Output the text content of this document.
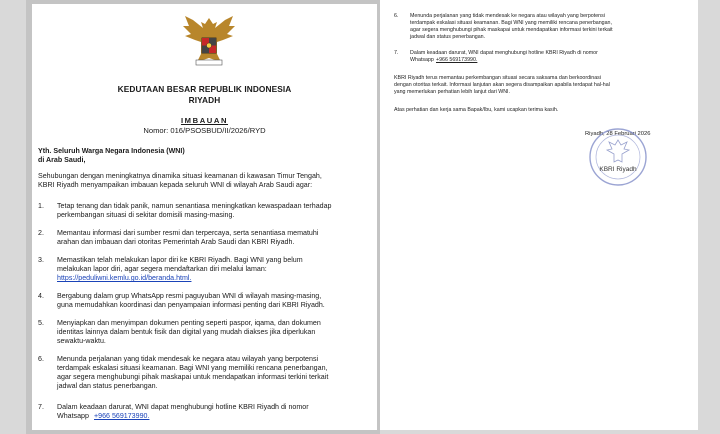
KEDUTAAN BESAR REPUBLIK INDONESIA
RIYADH
IMBAUAN
Nomor: 016/PSOSBUD/II/2026/RYD
Yth. Seluruh Warga Negara Indonesia (WNI)
di Arab Saudi,
Sehubungan dengan meningkatnya dinamika situasi keamanan di kawasan Timur Tengah,
KBRI Riyadh menyampaikan imbauan kepada seluruh WNI di wilayah Arab Saudi agar:
1. Tetap tenang dan tidak panik, namun senantiasa meningkatkan kewaspadaan terhadap
perkembangan situasi di sekitar domisili masing-masing.
2. Memantau informasi dari sumber resmi dan terpercaya, serta senantiasa mematuhi
arahan dan imbauan dari otoritas Pemerintah Arab Saudi dan KBRI Riyadh.
3. Memastikan telah melakukan lapor diri ke KBRI Riyadh. Bagi WNI yang belum
melakukan lapor diri, agar segera mendaftarkan diri melalui laman:
https://peduliwni.kemlu.go.id/beranda.html.
4. Bergabung dalam grup WhatsApp resmi paguyuban WNI di wilayah masing-masing,
guna memudahkan koordinasi dan penyampaian informasi penting dari KBRI Riyadh.
5. Menyiapkan dan menyimpan dokumen penting seperti paspor, iqama, dan dokumen
identitas lainnya dalam bentuk fisik dan digital yang mudah diakses jika diperlukan
sewaktu-waktu.
6. Menunda perjalanan yang tidak mendesak ke negara atau wilayah yang berpotensi
terdampak eskalasi situasi keamanan. Bagi WNI yang memiliki rencana penerbangan,
agar segera menghubungi pihak maskapai untuk mendapatkan informasi terkini terkait
jadwal dan status penerbangan.
7. Dalam keadaan darurat, WNI dapat menghubungi hotline KBRI Riyadh di nomor
Whatsapp +966 569173990.
6. Menunda perjalanan yang tidak mendesak ke negara atau wilayah yang berpotensi
terdampak eskalasi situasi keamanan. Bagi WNI yang memiliki rencana penerbangan,
agar segera menghubungi pihak maskapai untuk mendapatkan informasi terkini terkait
jadwal dan status penerbangan.
7. Dalam keadaan darurat, WNI dapat menghubungi hotline KBRI Riyadh di nomor
Whatsapp +966 569173990.
KBRI Riyadh terus memantau perkembangan situasi secara saksama dan berkoordinasi
dengan otoritas terkait. Informasi lanjutan akan segera disampaikan apabila terdapat hal-hal
yang memerlukan perhatian lebih lanjut dari WNI.
Atas perhatian dan kerja sama Bapak/Ibu, kami ucapkan terima kasih.
Riyadh, 28 Februari 2026
KBRI Riyadh
